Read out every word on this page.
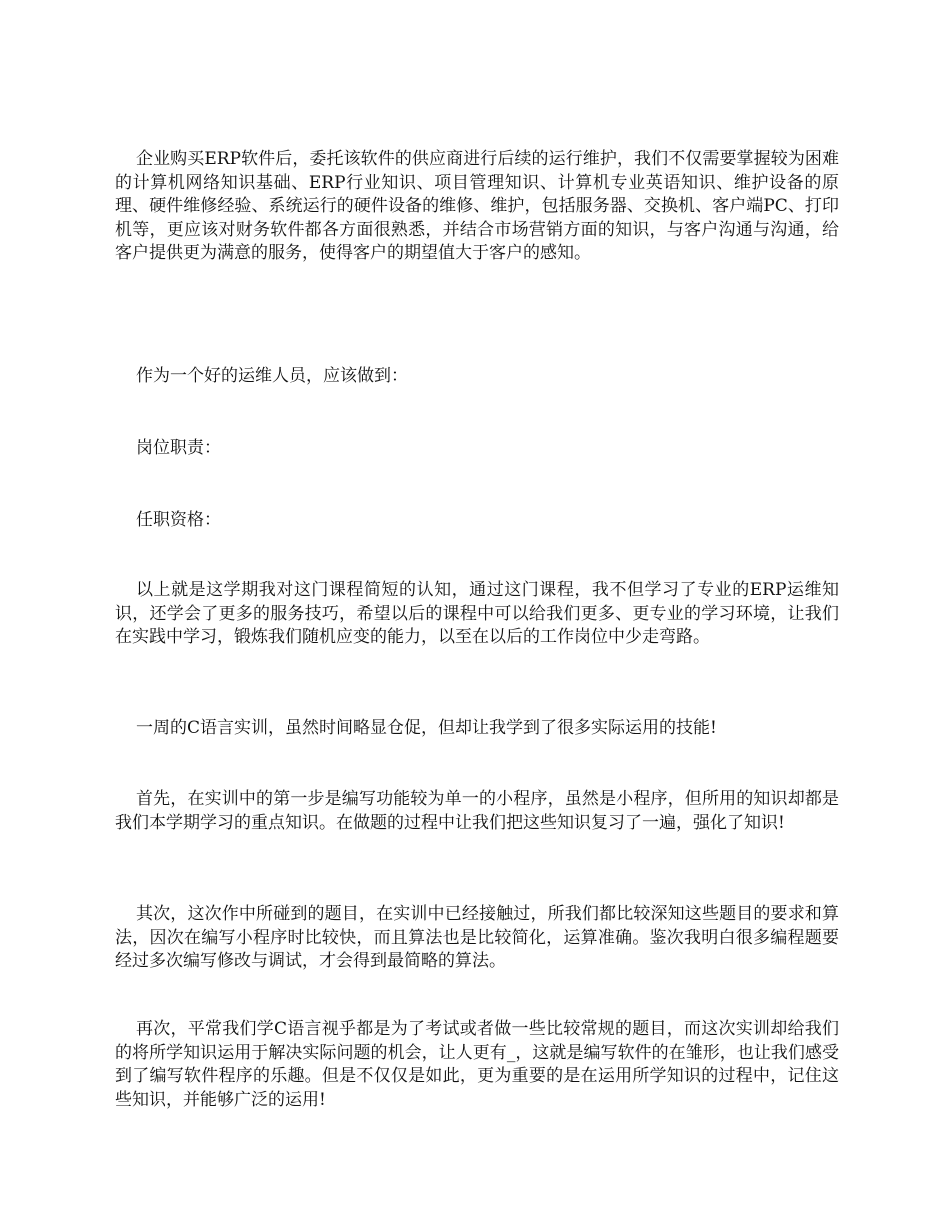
企业购买ERP软件后，委托该软件的供应商进行后续的运行维护，我们不仅需要掌握较为困难的计算机网络知识基础、ERP行业知识、项目管理知识、计算机专业英语知识、维护设备的原理、硬件维修经验、系统运行的硬件设备的维修、维护，包括服务器、交换机、客户端PC、打印机等，更应该对财务软件都各方面很熟悉，并结合市场营销方面的知识，与客户沟通与沟通，给客户提供更为满意的服务，使得客户的期望值大于客户的感知。

作为一个好的运维人员，应该做到：

岗位职责：

任职资格：

以上就是这学期我对这门课程简短的认知，通过这门课程，我不但学习了专业的ERP运维知识，还学会了更多的服务技巧，希望以后的课程中可以给我们更多、更专业的学习环境，让我们在实践中学习，锻炼我们随机应变的能力，以至在以后的工作岗位中少走弯路。

一周的C语言实训，虽然时间略显仓促，但却让我学到了很多实际运用的技能!

首先，在实训中的第一步是编写功能较为单一的小程序，虽然是小程序，但所用的知识却都是我们本学期学习的重点知识。在做题的过程中让我们把这些知识复习了一遍，强化了知识!

其次，这次作中所碰到的题目，在实训中已经接触过，所我们都比较深知这些题目的要求和算法，因次在编写小程序时比较快，而且算法也是比较简化，运算准确。鉴次我明白很多编程题要经过多次编写修改与调试，才会得到最简略的算法。

再次，平常我们学C语言视乎都是为了考试或者做一些比较常规的题目，而这次实训却给我们的将所学知识运用于解决实际问题的机会，让人更有_，这就是编写软件的在雏形，也让我们感受到了编写软件程序的乐趣。但是不仅仅是如此，更为重要的是在运用所学知识的过程中，记住这些知识，并能够广泛的运用!
